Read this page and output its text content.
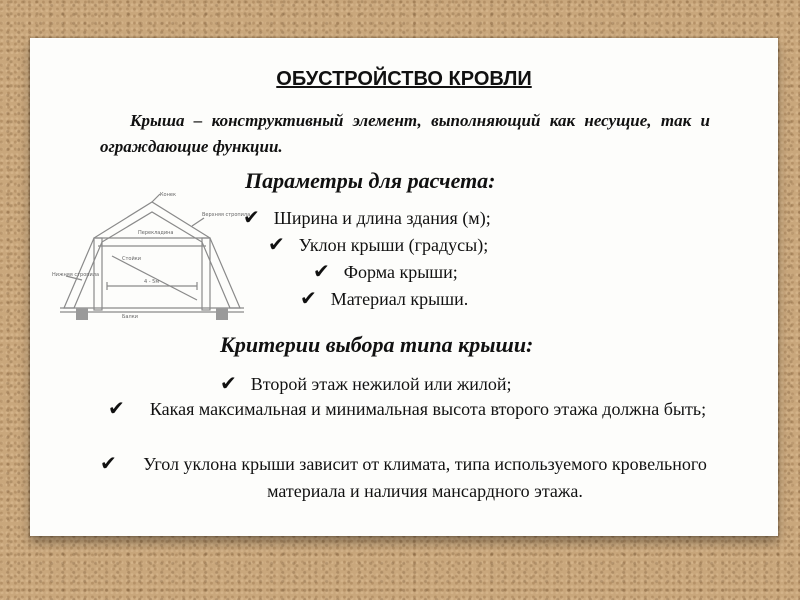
ОБУСТРОЙСТВО КРОВЛИ
Крыша – конструктивный элемент, выполняющий как несущие, так и ограждающие функции.
Конек
Верхняя стропила
Нижняя стропила
Перекладина
Стойки
4 - 5м
Балки
Параметры для расчета:
✔ Ширина и длина здания (м);
✔ Уклон крыши (градусы);
✔ Форма крыши;
✔ Материал крыши.
Критерии выбора типа крыши:
✔ Второй этаж нежилой или жилой;
✔	Какая максимальная и минимальная высота второго этажа должна быть;
✔	Угол уклона крыши зависит от климата, типа используемого кровельного материала и наличия мансардного этажа.
